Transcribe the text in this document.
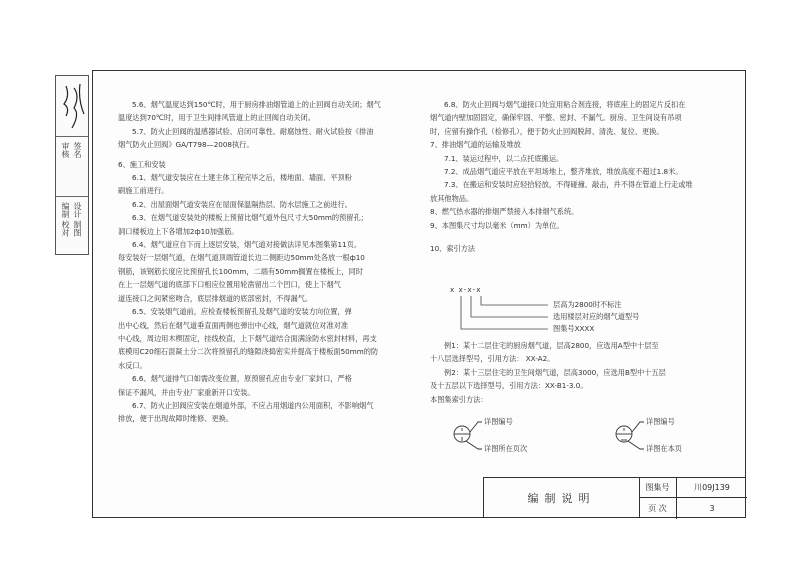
审核 签名
编制 校对 设计 制图

5.6、烟气温度达到150℃时，用于厨房排油烟管道上的止回阀自动关闭；烟气

温度达到70℃时，用于卫生间排风管道上的止回阀自动关闭。

5.7、防火止回阀的温感器试验、启闭可靠性、耐腐蚀性、耐火试验按《排油

烟气防火止回阀》GA/T798—2008执行。

6、施工和安装

6.1、烟气道安装应在土建主体工程完毕之后，楼地面、墙面、平顶粉

刷施工前进行。

6.2、出屋面烟气道安装应在屋面保温隔热层、防水层施工之前进行。

6.3、在烟气道安装处的楼板上预留比烟气道外包尺寸大50mm的预留孔；

洞口楼板边上下各增加2ф10加强筋。

6.4、烟气道应自下而上逐层安装，烟气道对接做法详见本图集第11页。

每安装好一层烟气道，在烟气道顶端管道长边二侧距边50mm处各放一根ф10

钢筋，该钢筋长度应比预留孔长100mm，二端有50mm搁置在楼板上，同时

在上一层烟气道的底部下口相应位置用轮凿留出二个凹口，使上下烟气

道连接口之间紧密吻合，底层排烟道的底部密封，不得漏气。

6.5、安装烟气道前，应检查楼板预留孔及烟气道的安装方向位置，弹

出中心线，然后在烟气道垂直面两侧也弹出中心线，烟气道就位对准对准

中心线，周边用木楔固定，挂线校直，上下烟气道结合面满涂防水密封材料，再支

底模用C20细石混凝土分二次将预留孔的缝隙浇捣密实并提高于楼板面50mm的防

水反口。

6.6、烟气道排气口如需改变位置，原预留孔应由专业厂家封口，严格

保证不漏风，并由专业厂家重新开口安装。

6.7、防火止回阀应安装在烟道外部，不应占用烟道内公用面积，不影响烟气

排放，便于出现故障时维修、更换。

6.8、防火止回阀与烟气道接口处宜用粘合剂连接，将底座上的固定片反扣在

烟气道内壁加固固定，确保牢固、平整、密封、不漏气。厨房、卫生间设有吊项

时，应留有操作孔（检修孔），便于防火止回阀脱卸、清洗、复位、更换。

7、排油烟气道的运输及堆放

7.1、装运过程中，以二点托底搬运。

7.2、成品烟气道应平放在平坦场地上，整齐堆放，堆放高度不超过1.8米。

7.3、在搬运和安装时应轻拾轻放，不得碰撞、敲击，并不得在管道上行走或堆

放其他物品。

8、燃气热水器的排烟严禁接入本排烟气系统。

9、本图集尺寸均以毫米（mm）为单位。

10、索引方法

x x-x-x
层高为2800时不标注
选用楼层对应的烟气道型号
图集号XXXX

例1：某十二层住宅的厨房烟气道，层高2800，应选用A型中十层至

十八层选择型号，引用方法： XX-A2。

例2：某十三层住宅的卫生间烟气道，层高3000，应选用B型中十五层

及十五层以下选择型号，引用方法：XX-B1-3.0。

本图集索引方法：

详图编号
详图所在页次
详图编号
详图在本页
编制说明
图集号	川09J139
页 次	3
